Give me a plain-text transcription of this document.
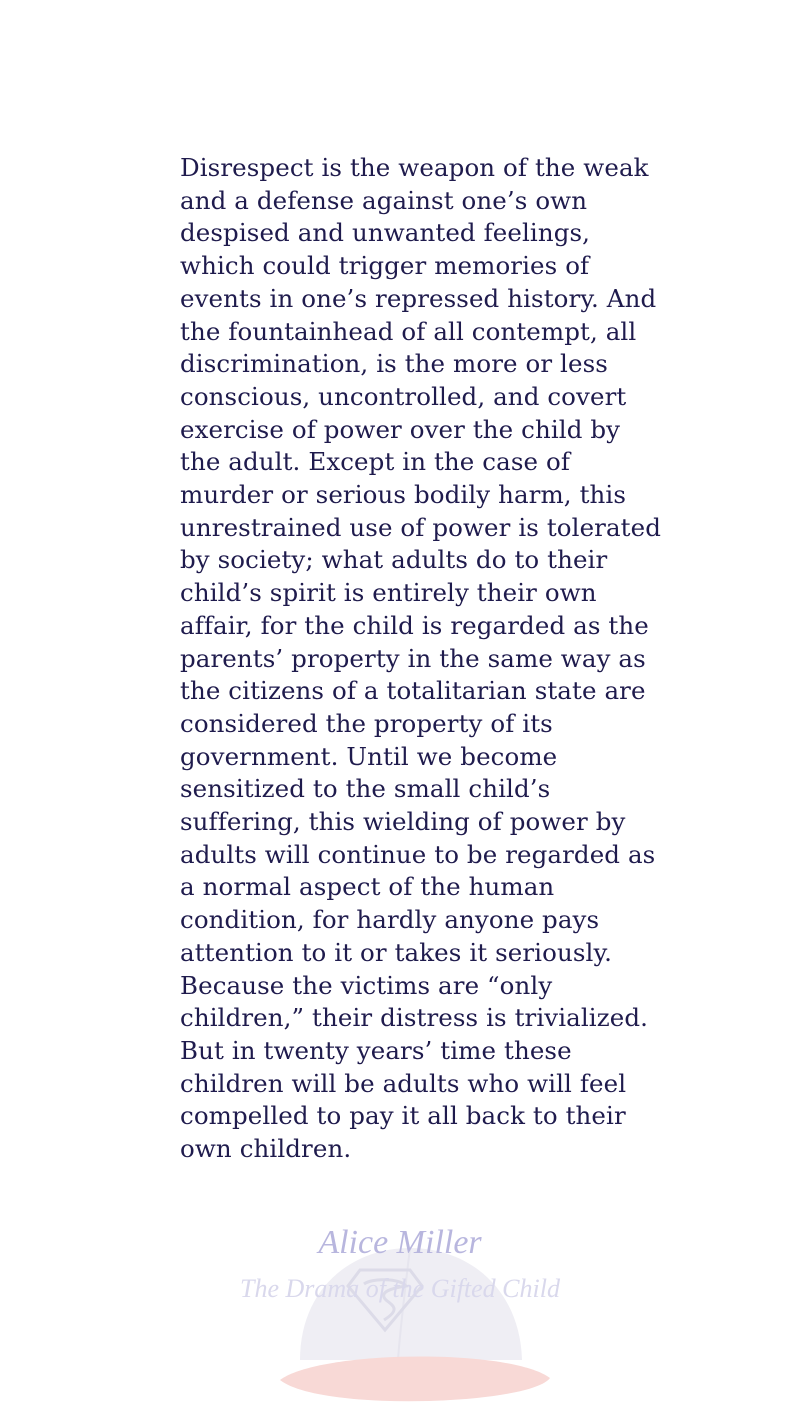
Disrespect is the weapon of the weak
and a defense against one’s own
despised and unwanted feelings,
which could trigger memories of
events in one’s repressed history. And
the fountainhead of all contempt, all
discrimination, is the more or less
conscious, uncontrolled, and covert
exercise of power over the child by
the adult. Except in the case of
murder or serious bodily harm, this
unrestrained use of power is tolerated
by society; what adults do to their
child’s spirit is entirely their own
affair, for the child is regarded as the
parents’ property in the same way as
the citizens of a totalitarian state are
considered the property of its
government. Until we become
sensitized to the small child’s
suffering, this wielding of power by
adults will continue to be regarded as
a normal aspect of the human
condition, for hardly anyone pays
attention to it or takes it seriously.
Because the victims are “only
children,” their distress is trivialized.
But in twenty years’ time these
children will be adults who will feel
compelled to pay it all back to their
own children.
Alice Miller
The Drama of the Gifted Child
